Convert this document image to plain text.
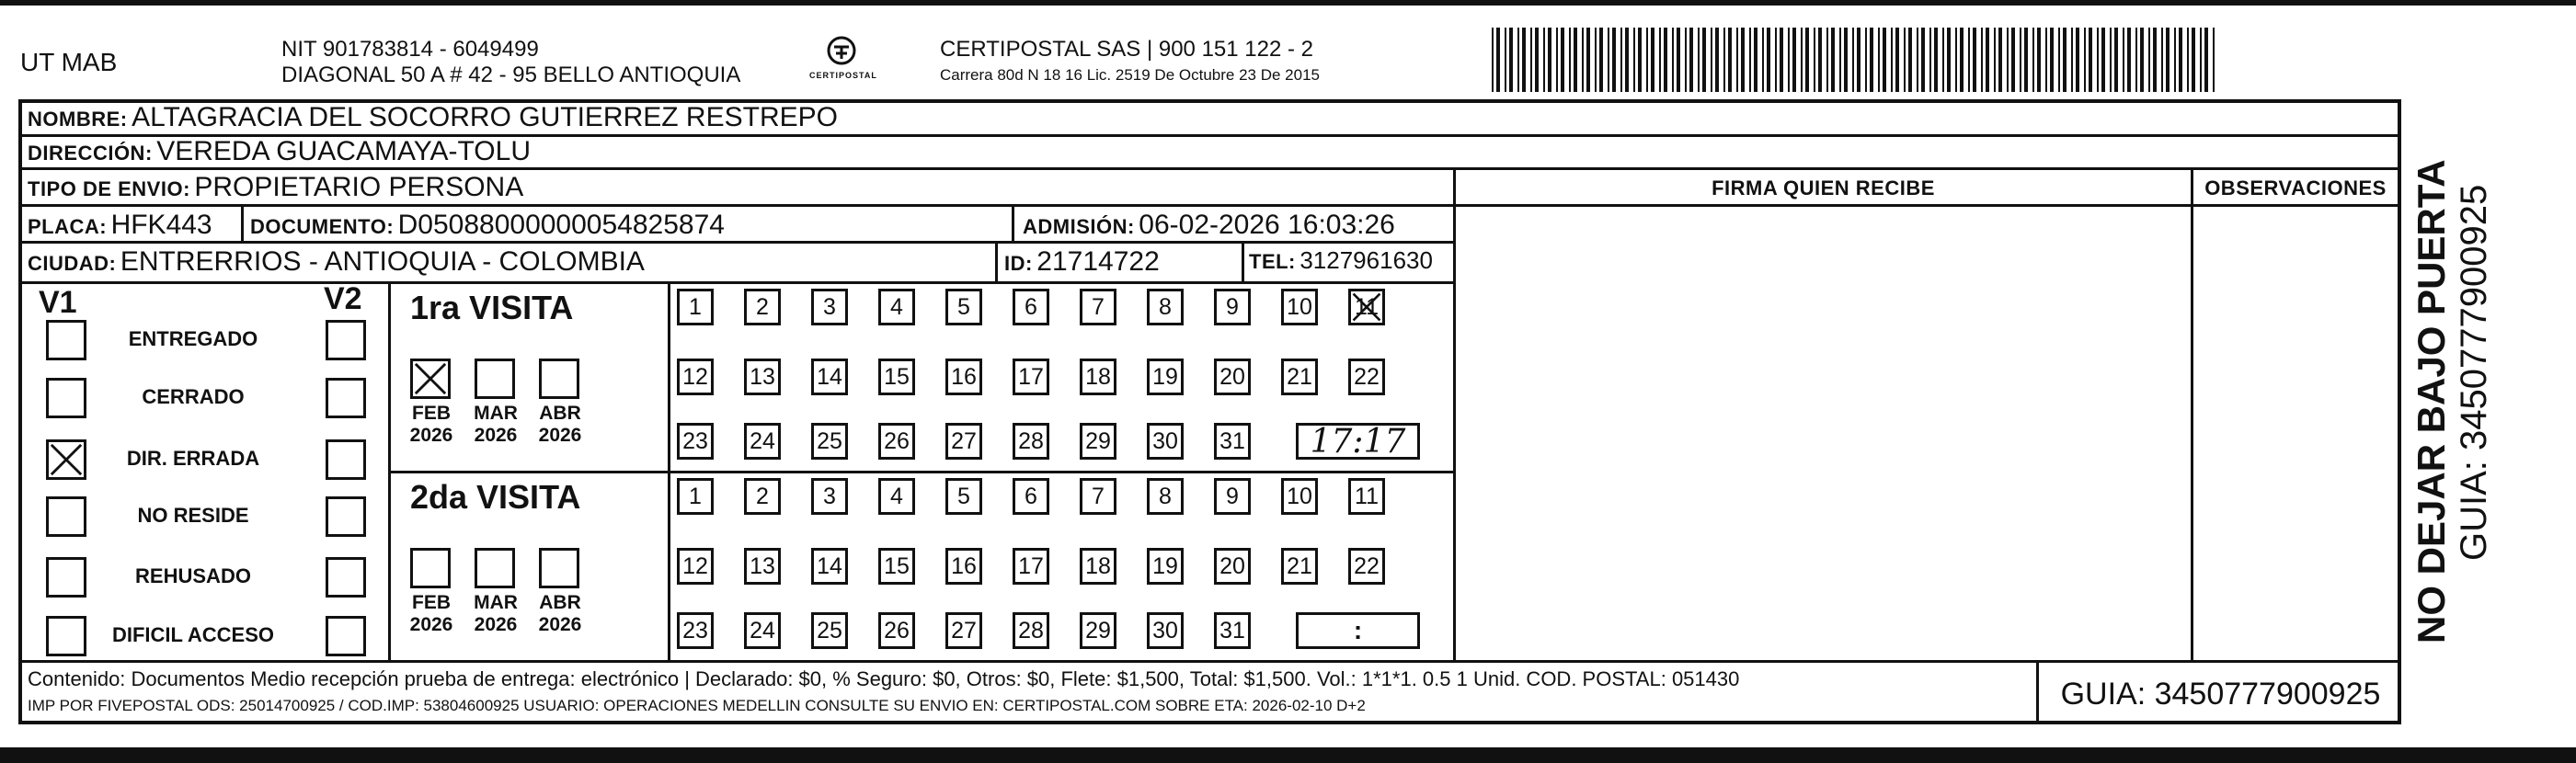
UT MAB	NIT 901783814 - 6049499
DIAGONAL 50 A # 42 - 95 BELLO ANTIOQUIA	CERTIPOSTAL
CERTIPOSTAL SAS | 900 151 122 - 2
Carrera 80d N 18 16 Lic. 2519 De Octubre 23 De 2015
NOMBRE: ALTAGRACIA DEL SOCORRO GUTIERREZ RESTREPO
DIRECCIÓN: VEREDA GUACAMAYA-TOLU
TIPO DE ENVIO: PROPIETARIO PERSONA
PLACA: HFK443 DOCUMENTO: D05088000000054825874	ADMISIÓN: 06-02-2026 16:03:26
CIUDAD: ENTRERRIOS - ANTIOQUIA - COLOMBIA	ID: 21714722	TEL: 3127961630
FIRMA QUIEN RECIBE	OBSERVACIONES
V1	V2
ENTREGADO
CERRADO
DIR. ERRADA
NO RESIDE
REHUSADO
DIFICIL ACCESO
1ra VISITA
FEB
2026
MAR
2026
ABR
2026
1 2 3 4 5 6 7 8 9 10 11
12 13 14 15 16 17 18 19 20 21 22
23 24 25 26 27 28 29 30 31 17:17
2da VISITA
FEB
2026
MAR
2026
ABR
2026
1 2 3 4 5 6 7 8 9 10 11
12 13 14 15 16 17 18 19 20 21 22
23 24 25 26 27 28 29 30 31	:
Contenido: Documentos Medio recepción prueba de entrega: electrónico | Declarado: $0, % Seguro: $0, Otros: $0, Flete: $1,500, Total: $1,500. Vol.: 1*1*1. 0.5 1 Unid. COD. POSTAL: 051430
IMP POR FIVEPOSTAL ODS: 25014700925 / COD.IMP: 53804600925 USUARIO: OPERACIONES MEDELLIN CONSULTE SU ENVIO EN: CERTIPOSTAL.COM SOBRE ETA: 2026-02-10 D+2	GUIA: 3450777900925
NO DEJAR BAJO PUERTA GUIA: 3450777900925
